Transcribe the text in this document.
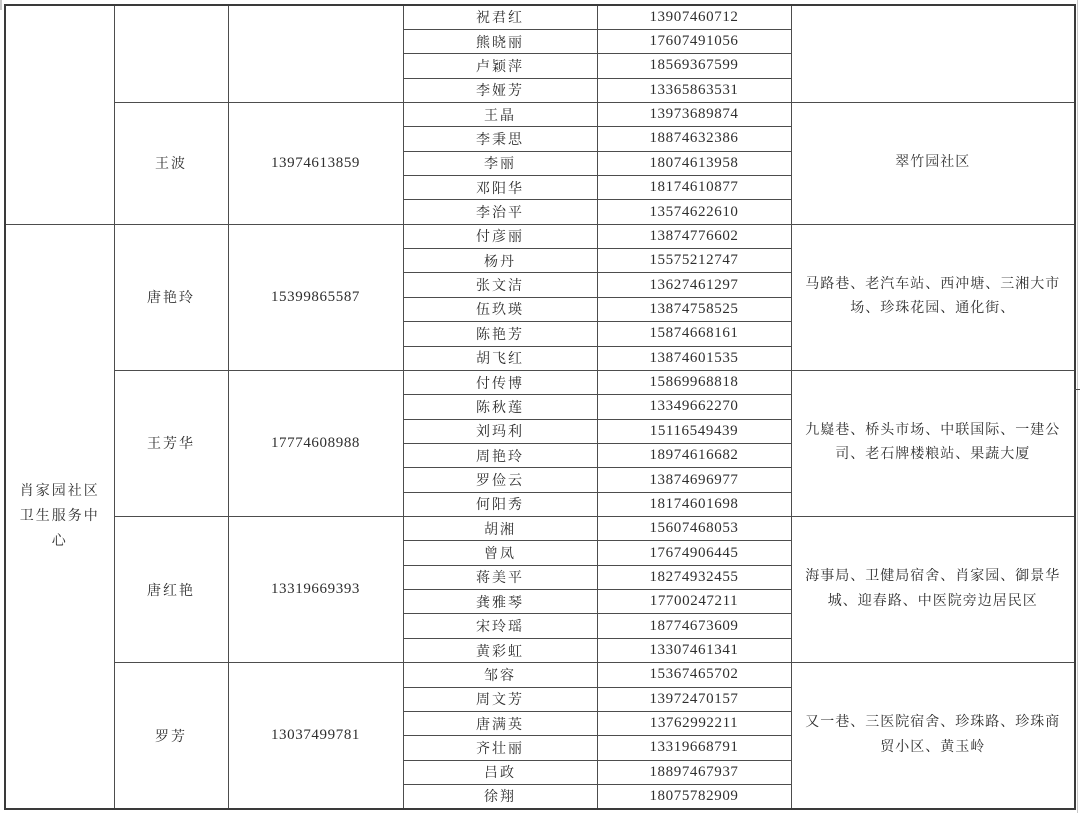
			祝君红	13907460712	
			熊晓丽	17607491056	
			卢颖萍	18569367599	
			李娅芳	13365863531	
	王波	13974613859	王晶	13973689874	翠竹园社区
			李秉思	18874632386	
			李丽	18074613958	
			邓阳华	18174610877	
			李治平	13574622610	
肖家园社区卫生服务中心	唐艳玲	15399865587	付彦丽	13874776602	马路巷、老汽车站、西冲塘、三湘大市场、珍珠花园、通化街、
			杨丹	15575212747	
			张文洁	13627461297	
			伍玖瑛	13874758525	
			陈艳芳	15874668161	
			胡飞红	13874601535	
	王芳华	17774608988	付传博	15869968818	九嶷巷、桥头市场、中联国际、一建公司、老石牌楼粮站、果蔬大厦
			陈秋莲	13349662270	
			刘玛利	15116549439	
			周艳玲	18974616682	
			罗俭云	13874696977	
			何阳秀	18174601698	
	唐红艳	13319669393	胡湘	15607468053	海事局、卫健局宿舍、肖家园、御景华城、迎春路、中医院旁边居民区
			曾凤	17674906445	
			蒋美平	18274932455	
			龚雅琴	17700247211	
			宋玲瑶	18774673609	
			黄彩虹	13307461341	
	罗芳	13037499781	邹容	15367465702	又一巷、三医院宿舍、珍珠路、珍珠商贸小区、黄玉岭
			周文芳	13972470157	
			唐满英	13762992211	
			齐壮丽	13319668791	
			吕政	18897467937	
			徐翔	18075782909	
